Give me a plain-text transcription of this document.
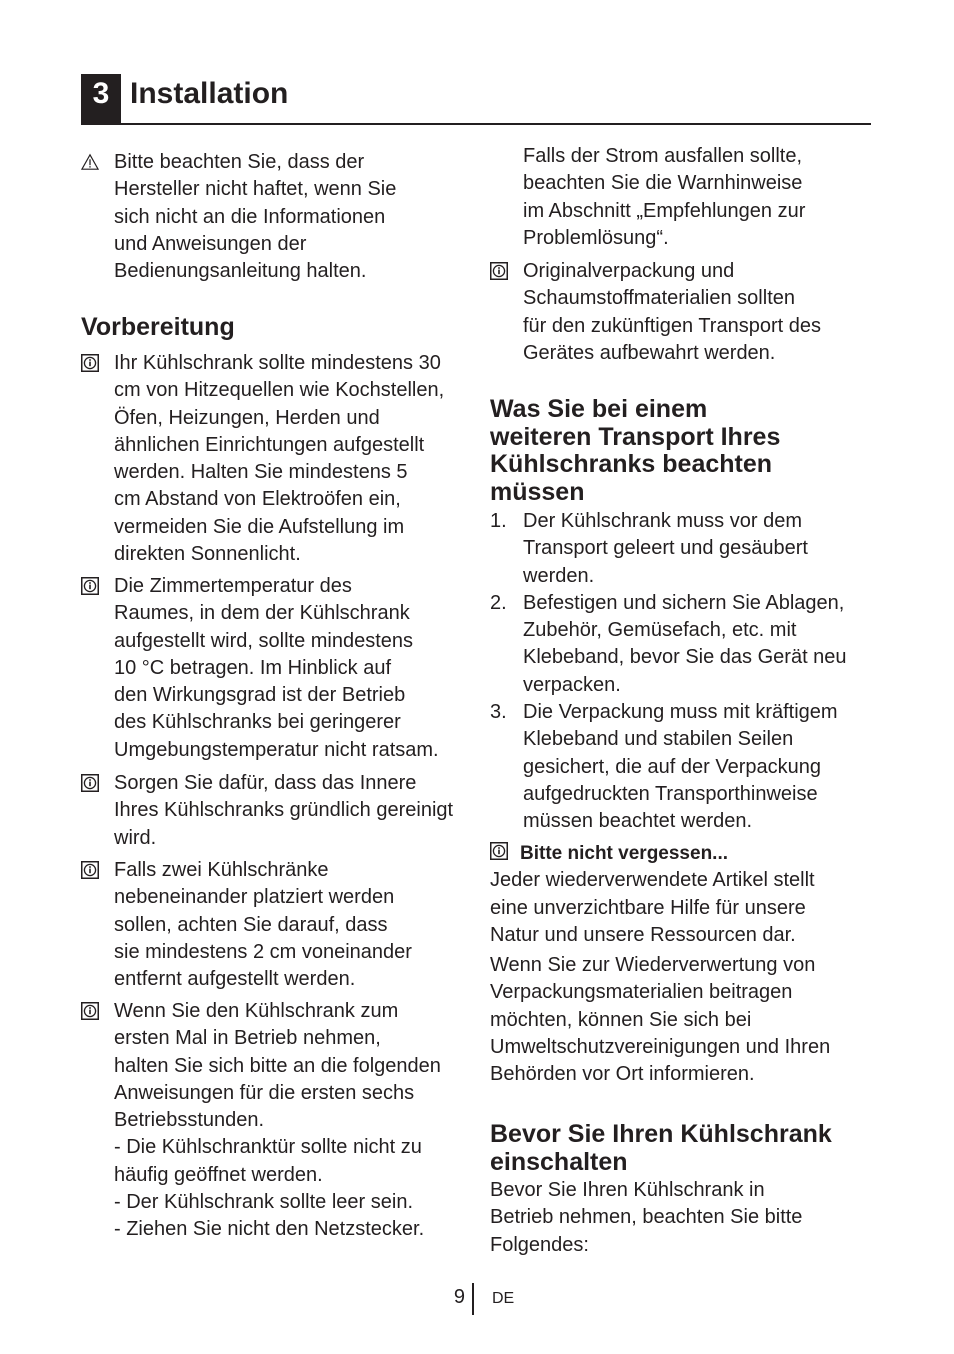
3 Installation

Bitte beachten Sie, dass der

Hersteller nicht haftet, wenn Sie

sich nicht an die Informationen

und Anweisungen der

Bedienungsanleitung halten.

Vorbereitung

Ihr Kühlschrank sollte mindestens 30

cm von Hitzequellen wie Kochstellen,

Öfen, Heizungen, Herden und

ähnlichen Einrichtungen aufgestellt

werden. Halten Sie mindestens 5

cm Abstand von Elektroöfen ein,

vermeiden Sie die Aufstellung im

direkten Sonnenlicht.

Die Zimmertemperatur des

Raumes, in dem der Kühlschrank

aufgestellt wird, sollte mindestens

10 °C betragen. Im Hinblick auf

den Wirkungsgrad ist der Betrieb

des Kühlschranks bei geringerer

Umgebungstemperatur nicht ratsam.

Sorgen Sie dafür, dass das Innere

Ihres Kühlschranks gründlich gereinigt

wird.

Falls zwei Kühlschränke

nebeneinander platziert werden

sollen, achten Sie darauf, dass

sie mindestens 2 cm voneinander

entfernt aufgestellt werden.

Wenn Sie den Kühlschrank zum

ersten Mal in Betrieb nehmen,

halten Sie sich bitte an die folgenden

Anweisungen für die ersten sechs

Betriebsstunden.

- Die Kühlschranktür sollte nicht zu

häufig geöffnet werden.

- Der Kühlschrank sollte leer sein.

- Ziehen Sie nicht den Netzstecker.

Falls der Strom ausfallen sollte,

beachten Sie die Warnhinweise

im Abschnitt „Empfehlungen zur

Problemlösung“.

Originalverpackung und

Schaumstoffmaterialien sollten

für den zukünftigen Transport des

Gerätes aufbewahrt werden.

Was Sie bei einem
weiteren Transport Ihres
Kühlschranks beachten
müssen
1. Der Kühlschrank muss vor dem
Transport geleert und gesäubert
werden.
2. Befestigen und sichern Sie Ablagen,
Zubehör, Gemüsefach, etc. mit
Klebeband, bevor Sie das Gerät neu
verpacken.
3. Die Verpackung muss mit kräftigem
Klebeband und stabilen Seilen
gesichert, die auf der Verpackung
aufgedruckten Transporthinweise
müssen beachtet werden.

Bitte nicht vergessen...

Jeder wiederverwendete Artikel stellt

eine unverzichtbare Hilfe für unsere

Natur und unsere Ressourcen dar.

Wenn Sie zur Wiederverwertung von

Verpackungsmaterialien beitragen

möchten, können Sie sich bei

Umweltschutzvereinigungen und Ihren

Behörden vor Ort informieren.

Bevor Sie Ihren Kühlschrank
einschalten

Bevor Sie Ihren Kühlschrank in

Betrieb nehmen, beachten Sie bitte

Folgendes:

9 DE
